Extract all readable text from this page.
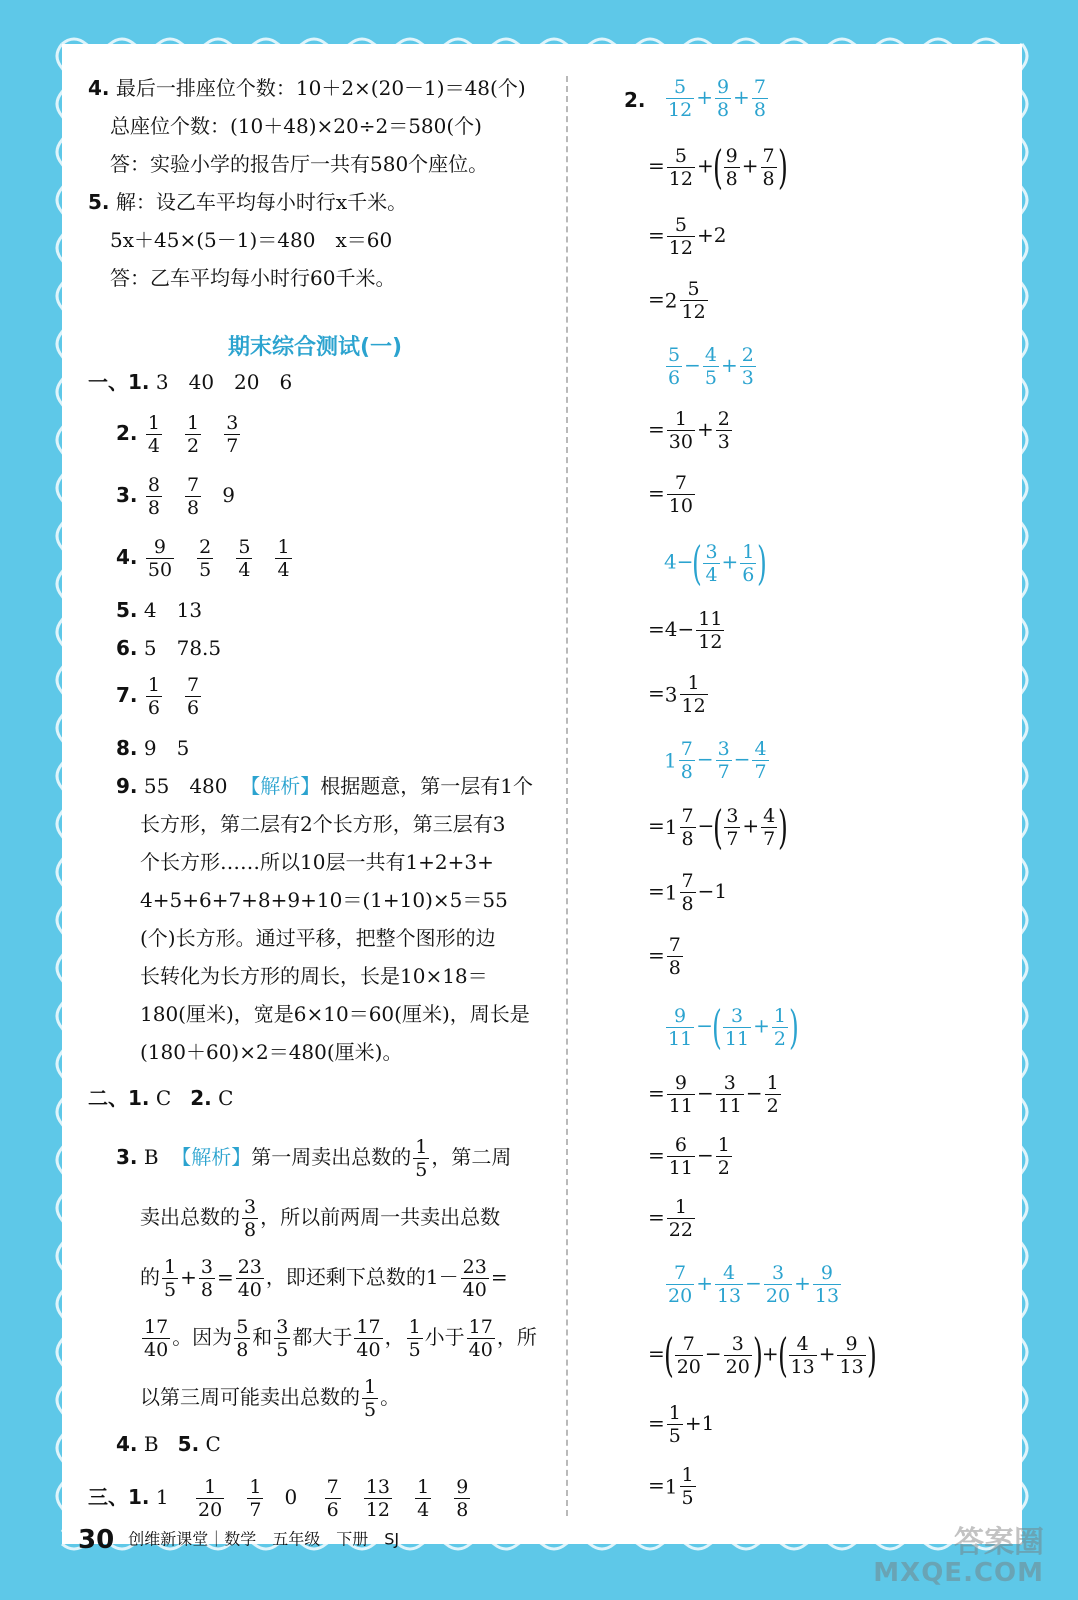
4. 最后一排座位个数：10＋2×(20－1)＝48(个)
总座位个数：(10＋48)×20÷2＝580(个)
答：实验小学的报告厅一共有580个座位。
5. 解：设乙车平均每小时行x千米。
5x＋45×(5－1)＝480　x＝60
答：乙车平均每小时行60千米。
期末综合测试(一)
一、1. 3　40　20　6
2. $\frac{1}{4}$
$\frac{1}{2}$
$\frac{3}{7}$
3. $\frac{8}{8}$
$\frac{7}{8} 9$
4. $\frac{9}{50}$
$\frac{2}{5}$
$\frac{5}{4}$
$\frac{1}{4}$
5. 4　13
6. 5　78.5
7. $\frac{1}{6}$
$\frac{7}{6}$
8. 9　5
9. 55　480 【解析】根据题意，第一层有1个
长方形，第二层有2个长方形，第三层有3
个长方形……所以10层一共有1+2+3+
4+5+6+7+8+9+10＝(1+10)×5＝55
(个)长方形。通过平移，把整个图形的边
长转化为长方形的周长，长是10×18＝
180(厘米)，宽是6×10＝60(厘米)，周长是
(180＋60)×2＝480(厘米)。
二、1. C 2. C
3. B 【解析】第一周卖出总数的 $\frac{1}{5}$ ，第二周
卖出总数的 $\frac{3}{8}$ ，所以前两周一共卖出总数
的 $\frac{1}{5} + \frac{3}{8} = \frac{23}{40}$ ，即还剩下总数的$1- \frac{23}{40}$ =
$\frac{17}{40}$ 。因为 $\frac{5}{8}$ 和 $\frac{3}{5}$ 都大于 $\frac{17}{40}$ ， $\frac{1}{5}$ 小于 $\frac{17}{40}$ ，所
以第三周可能卖出总数的 $\frac{1}{5}$ 。
4. B 5. C
三、1. $1 \frac{1}{20}$
$\frac{1}{7} 0 \frac{7}{6}$
$\frac{13}{12}$
$\frac{1}{4}$
$\frac{9}{8}$
2. $\frac{5}{12} + \frac{9}{8} + \frac{7}{8}$
= $\frac{5}{12}$ +( $\frac{9}{8} + \frac{7}{8}$ )
= $\frac{5}{12} +2$
$=2 \frac{5}{12}$
$\frac{5}{6} - \frac{4}{5} + \frac{2}{3}$
= $\frac{1}{30} + \frac{2}{3}$
= $\frac{7}{10}$
$4-( \frac{3}{4} + \frac{1}{6}$ )
$=4- \frac{11}{12}$
$=3 \frac{1}{12}$
$1 \frac{7}{8} - \frac{3}{7} - \frac{4}{7}$
$=1 \frac{7}{8}$ −( $\frac{3}{7} + \frac{4}{7}$ )
$=1 \frac{7}{8} -1$
= $\frac{7}{8}$
$\frac{9}{11}$ −( $\frac{3}{11} + \frac{1}{2}$ )
= $\frac{9}{11} - \frac{3}{11} - \frac{1}{2}$
= $\frac{6}{11} - \frac{1}{2}$
= $\frac{1}{22}$
$\frac{7}{20} + \frac{4}{13} - \frac{3}{20} + \frac{9}{13}$
=( $\frac{7}{20} - \frac{3}{20}$ )+( $\frac{4}{13} + \frac{9}{13}$ )
= $\frac{1}{5} +1$
$=1 \frac{1}{5}$
30 创维新课堂｜数学　五年级　下册　SJ	答案圈
MXQE.COM
